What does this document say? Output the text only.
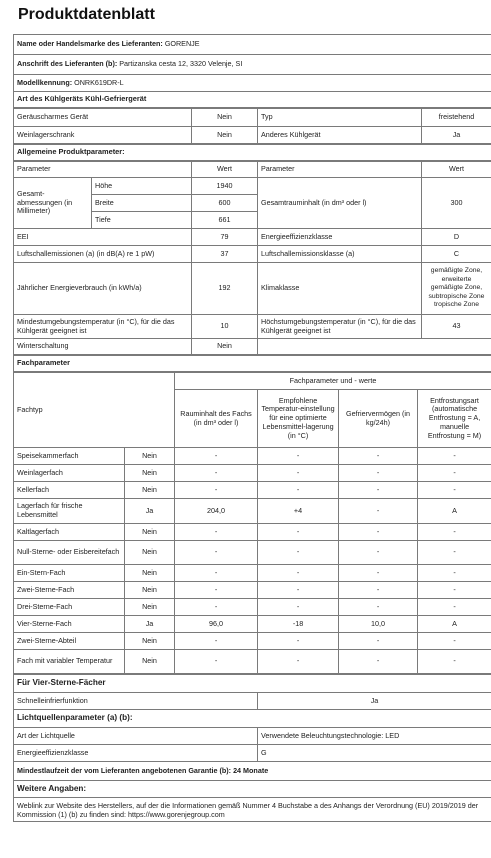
Produktdatenblatt
Name oder Handelsmarke des Lieferanten: GORENJE
Anschrift des Lieferanten (b): Partizanska cesta 12, 3320 Velenje, SI
Modellkennung: ONRK619DR-L
Art des Kühlgeräts Kühl-Gefriergerät
Geräuscharmes Gerät	Nein	Typ	freistehend
Weinlagerschrank	Nein	Anderes Kühlgerät	Ja
Allgemeine Produktparameter:
Parameter		Wert	Parameter	Wert
Gesamt-abmessungen (in Millimeter)	Höhe	1940	Gesamtrauminhalt (in dm³ oder l)	300
	Breite	600		
	Tiefe	661		
EEI		79	Energieeffizienzklasse	D
Luftschallemissionen (a) (in dB(A) re 1 pW)		37	Luftschallemissionsklasse (a)	C
Jährlicher Energieverbrauch (in kWh/a)		192	Klimaklasse	gemäßigte Zone,
erweiterte
gemäßigte Zone,
subtropische Zone
tropische Zone

Mindestumgebungstemperatur (in °C), für die das Kühlgerät geeignet ist		10	Höchstumgebungstemperatur (in °C), für die das Kühlgerät geeignet ist	43
Winterschaltung		Nein		
Fachparameter
Fachtyp		Fachparameter und - werte			
		Rauminhalt des Fachs (in dm³ oder l)	Empfohlene Temperatur-einstellung für eine optimierte Lebensmittel-lagerung (in °C)	Gefriervermögen (in kg/24h)	Entfrostungsart (automatische Entfrostung = A, manuelle Entfrostung = M)
Speisekammerfach	Nein	-	-	-	-
Weinlagerfach	Nein	-	-	-	-
Kellerfach	Nein	-	-	-	-
Lagerfach für frische Lebensmittel	Ja	204,0	+4	-	A
Kaltlagerfach	Nein	-	-	-	-
Null-Sterne- oder Eisbereitefach	Nein	-	-	-	-
Ein-Stern-Fach	Nein	-	-	-	-
Zwei-Sterne-Fach	Nein	-	-	-	-
Drei-Sterne-Fach	Nein	-	-	-	-
Vier-Sterne-Fach	Ja	96,0	-18	10,0	A
Zwei-Sterne-Abteil	Nein	-	-	-	-
Fach mit variabler Temperatur	Nein	-	-	-	-
Für Vier-Sterne-Fächer	
Schnelleinfrierfunktion	Ja
Lichtquellenparameter (a) (b):	
Art der Lichtquelle	Verwendete Beleuchtungstechnologie: LED
Energieeffizienzklasse	G
Mindestlaufzeit der vom Lieferanten angebotenen Garantie (b): 24 Monate	
Weitere Angaben:	
Weblink zur Website des Herstellers, auf der die Informationen gemäß Nummer 4 Buchstabe a des Anhangs der Verordnung (EU) 2019/2019 der Kommission (1) (b) zu finden sind: https://www.gorenjegroup.com	
